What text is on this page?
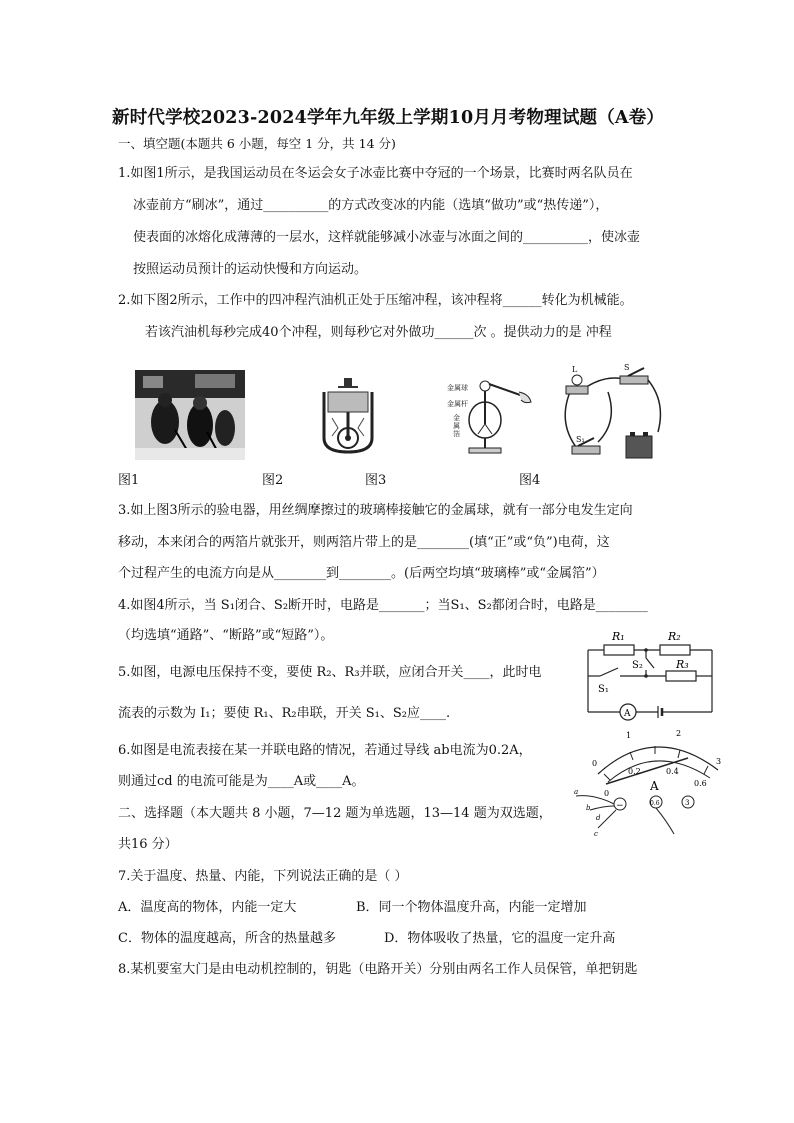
新时代学校2023-2024学年九年级上学期10月月考物理试题（A卷）
一、填空题(本题共 6 小题，每空 1 分，共 14 分)
1.如图1所示，是我国运动员在冬运会女子冰壶比赛中夺冠的一个场景，比赛时两名队员在
冰壶前方“刷冰”，通过__________的方式改变冰的内能（选填“做功”或“热传递”），
使表面的冰熔化成薄薄的一层水，这样就能够减小冰壶与冰面之间的__________，使冰壶
按照运动员预计的运动快慢和方向运动。
2.如下图2所示，工作中的四冲程汽油机正处于压缩冲程，该冲程将______转化为机械能。
若该汽油机每秒完成40个冲程，则每秒它对外做功______次 。提供动力的是 冲程
金属球
金属杆
金
属
箔
L	S
S₁
图1	图2	图3	图4
3.如上图3所示的验电器，用丝绸摩擦过的玻璃棒接触它的金属球，就有一部分电发生定向
移动，本来闭合的两箔片就张开，则两箔片带上的是________(填“正”或“负”)电荷，这
个过程产生的电流方向是从________到________。(后两空均填“玻璃棒”或“金属箔”）
4.如图4所示，当 S₁闭合、S₂断开时，电路是_______；当S₁、S₂都闭合时，电路是________
（均选填“通路”、“断路”或“短路”）。
5.如图，电源电压保持不变，要使 R₂、R₃并联，应闭合开关____，此时电
流表的示数为 I₁；要使 R₁、R₂串联，开关 S₁、S₂应____.
R₁	R₂
R₃
S₂
S₁
A
6.如图是电流表接在某一并联电路的情况，若通过导线 ab电流为0.2A，
则通过cd 的电流可能是为____A或____A。
0
1	2
3
0
0.2	0.4
0.6
A
−	0.6	3
a
b
d
c
二、选择题（本大题共 8 小题，7—12 题为单选题，13—14 题为双选题，
共16 分）
7.关于温度、热量、内能，下列说法正确的是（ ）
A．温度高的物体，内能一定大	B．同一个物体温度升高，内能一定增加
C．物体的温度越高，所含的热量越多	D．物体吸收了热量，它的温度一定升高
8.某机要室大门是由电动机控制的，钥匙（电路开关）分别由两名工作人员保管，单把钥匙
